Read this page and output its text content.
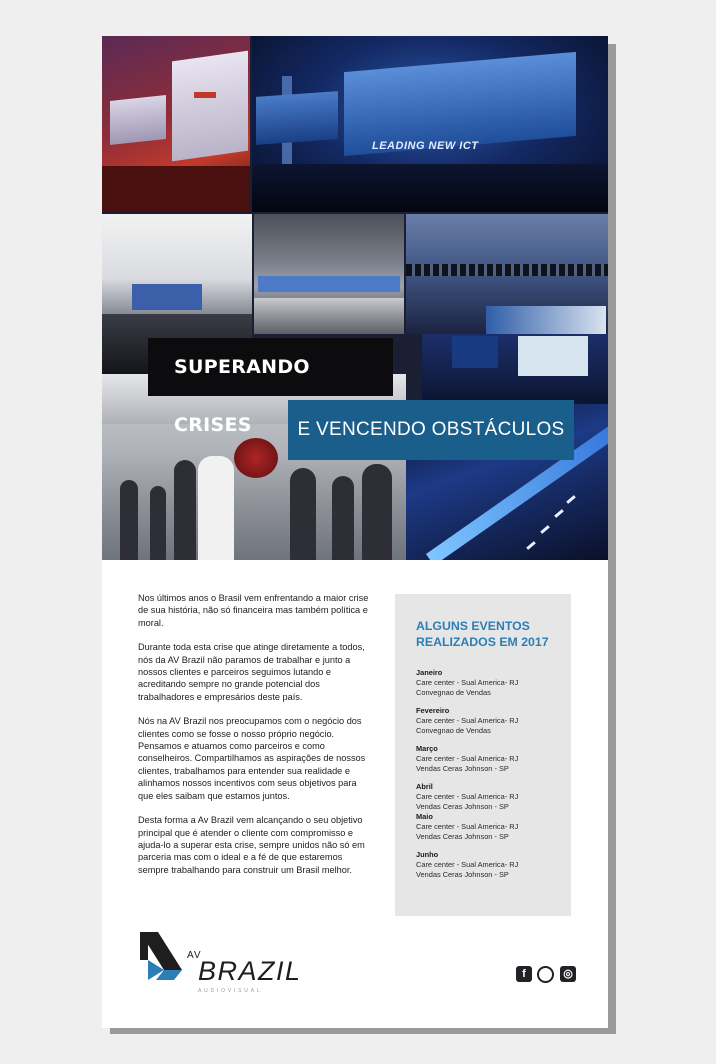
LEADING NEW ICT
SUPERANDO CRISES	E VENCENDO OBSTÁCULOS

Nos últimos anos o Brasil vem enfrentando a maior crise de sua história, não só financeira mas também política e moral.

Durante toda esta crise que atinge diretamente a todos, nós da AV Brazil não paramos de trabalhar e junto a nossos clientes e parceiros seguimos lutando e acreditando sempre no grande potencial dos trabalhadores e empresários deste país.

Nós na AV Brazil nos preocupamos com o negócio dos clientes como se fosse o nosso próprio negócio. Pensamos e atuamos como parceiros e como conselheiros. Compartilhamos as aspirações de nossos clientes, trabalhamos para entender sua realidade e alinhamos nossos incentivos com seus objetivos para que eles saibam que estamos juntos.

Desta forma a Av Brazil vem alcançando o seu objetivo principal que é atender o cliente com compromisso e ajuda-lo a superar esta crise, sempre unidos não só em parceria mas com o ideal e a fé de que estaremos sempre trabalhando para construir um Brasil melhor.

ALGUNS EVENTOS REALIZADOS EM 2017
Janeiro
Care center - Sual America- RJ
Convegnao de Vendas
Fevereiro
Care center - Sual America- RJ
Convegnao de Vendas
Março
Care center - Sual America- RJ
Vendas Ceras Johnson - SP
Abril
Care center - Sual America- RJ
Vendas Ceras Johnson - SP
Maio
Care center - Sual America- RJ
Vendas Ceras Johnson - SP
Junho
Care center - Sual America- RJ
Vendas Ceras Johnson - SP
AV
BRAZIL
AUDIOVISUAL
f	◎
